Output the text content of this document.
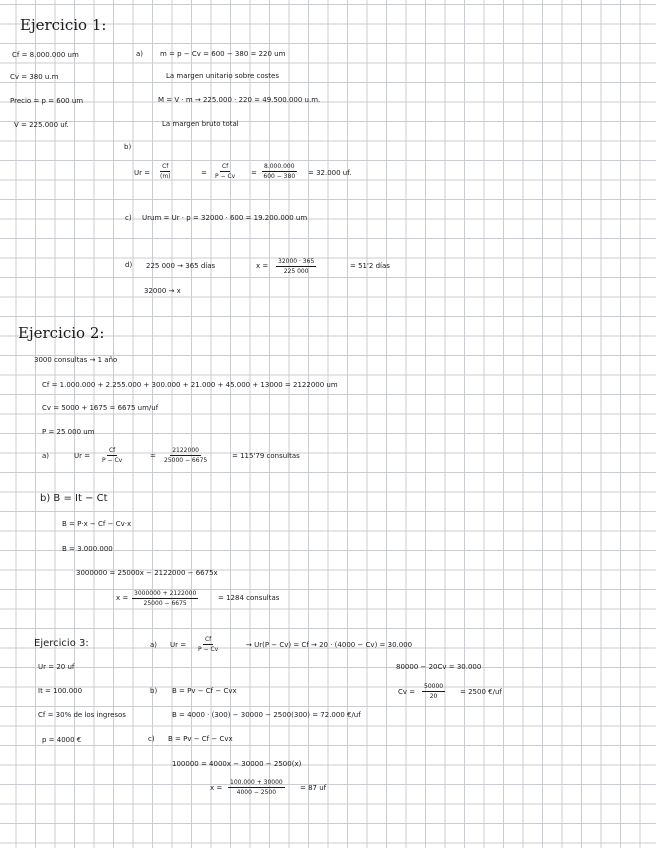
Ejercicio 1:
Cf = 8.000.000 um
Cv = 380 u.m
Precio = p = 600 um
V = 225.000 uf.
a) m = p − Cv = 600 − 380 = 220 um
La margen unitario sobre costes
M = V · m → 225.000 · 220 = 49.500.000 u.m.
La margen bruto total
b)
$Ur = \frac{Cf}{(m)}$	= $\frac{Cf}{P - Cv} = \frac{8.000.000}{600 - 380} = 32.000$ uf.
c) Urum = Ur · p = 32000 · 600 = 19.200.000 um
d) 225 000 → 365 días
32000 → x
$x = \frac{32000 \cdot 365}{225 000}$	= 51'2 días
Ejercicio 2:
3000 consultas → 1 año
Cf = 1.000.000 + 2.255.000 + 300.000 + 21.000 + 45.000 + 13000 = 2122000 um
Cv = 5000 + 1675 = 6675 um/uf
P = 25 000 um
a)	$Ur = \frac{Cf}{P - Cv}$	= $\frac{2122000}{25000 - 6675}$	= 115'79 consultas
b) B = It − Ct
B = P·x − Cf − Cv·x
B = 3.000.000
3000000 = 25000x − 2122000 − 6675x
$x = \frac{3000000 + 2122000}{25000 - 6675}$	= 1284 consultas
Ejercicio 3:
Ur = 20 uf
It = 100.000
Cf = 30% de los ingresos
p = 4000 €
a) $Ur = \frac{Cf}{P - Cv}$	→ Ur(P − Cv) = Cf → 20 · (4000 − Cv) = 30.000
80000 − 20Cv = 30.000
$Cv = \frac{50000}{20} = 2500$ €/uf
b) B = Pv − Cf − Cvx
B = 4000 · (300) − 30000 − 2500(300) = 72.000 €/uf
c) B = Pv − Cf − Cvx
100000 = 4000x − 30000 − 2500(x)
$x = \frac{100.000 + 30000}{4000 - 2500} = 87$ uf
